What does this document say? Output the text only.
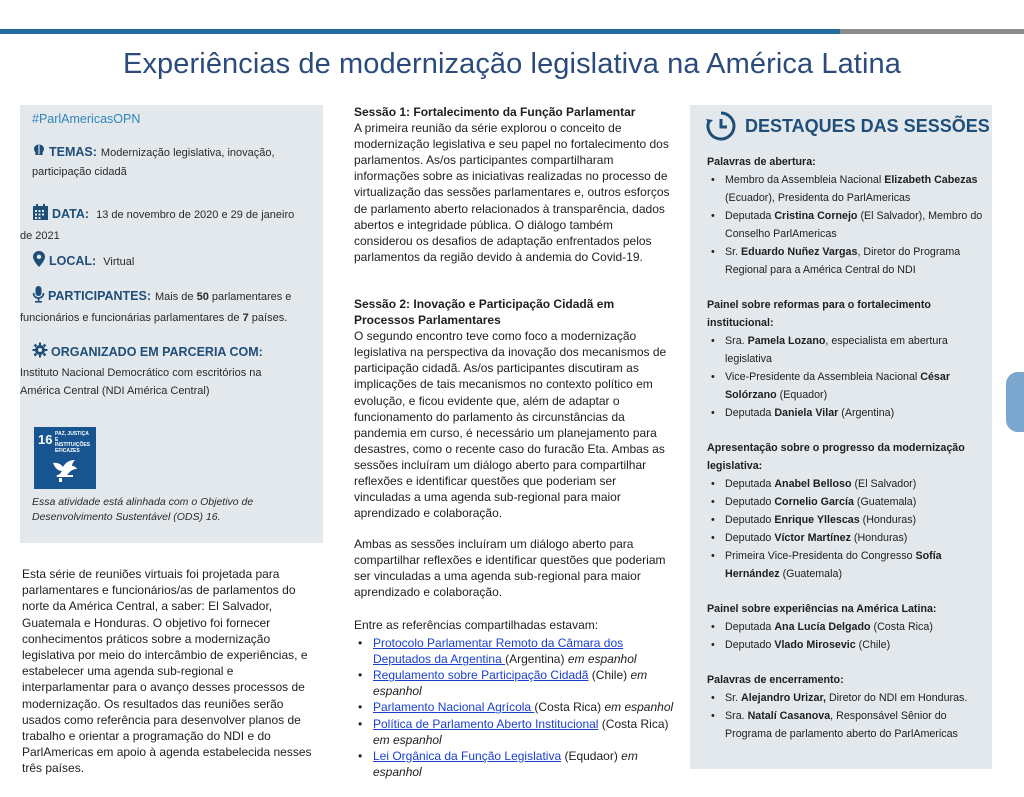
Experiências de modernização legislativa na América Latina
#ParlAmericasOPN
TEMAS: Modernização legislativa, inovação,
participação cidadã
DATA: 13 de novembro de 2020 e 29 de janeiro
de 2021
LOCAL: Virtual
PARTICIPANTES: Mais de 50 parlamentares e
funcionários e funcionárias parlamentares de 7 países.
ORGANIZADO EM PARCERIA COM:
Instituto Nacional Democrático com escritórios na
América Central (NDI América Central)
16 PAZ, JUSTIÇA E INSTITUIÇÕES EFICAZES
Essa atividade está alinhada com o Objetivo de Desenvolvimento Sustentável (ODS) 16.
Esta série de reuniões virtuais foi projetada para parlamentares e funcionários/as de parlamentos do norte da América Central, a saber: El Salvador, Guatemala e Honduras. O objetivo foi fornecer conhecimentos práticos sobre a modernização legislativa por meio do intercâmbio de experiências, e estabelecer uma agenda sub-regional e interparlamentar para o avanço desses processos de modernização. Os resultados das reuniões serão usados como referência para desenvolver planos de trabalho e orientar a programação do NDI e do ParlAmericas em apoio à agenda estabelecida nesses três países.
Sessão 1: Fortalecimento da Função Parlamentar

A primeira reunião da série explorou o conceito de modernização legislativa e seu papel no fortalecimento dos parlamentos. As/os participantes compartilharam informações sobre as iniciativas realizadas no processo de virtualização das sessões parlamentares e, outros esforços de parlamento aberto relacionados à transparência, dados abertos e integridade pública. O diálogo também considerou os desafios de adaptação enfrentados pelos parlamentos da região devido à andemia do Covid-19.

Sessão 2: Inovação e Participação Cidadã em Processos Parlamentares

O segundo encontro teve como foco a modernização legislativa na perspectiva da inovação dos mecanismos de participação cidadã. As/os participantes discutiram as implicações de tais mecanismos no contexto político em evolução, e ficou evidente que, além de adaptar o funcionamento do parlamento às circunstâncias da pandemia em curso, é necessário um planejamento para desastres, como o recente caso do furacão Eta. Ambas as sessões incluíram um diálogo aberto para compartilhar reflexões e identificar questões que poderiam ser vinculadas a uma agenda sub-regional para maior aprendizado e colaboração.

Ambas as sessões incluíram um diálogo aberto para compartilhar reflexões e identificar questões que poderiam ser vinculadas a uma agenda sub-regional para maior aprendizado e colaboração.

Entre as referências compartilhadas estavam:

• Protocolo Parlamentar Remoto da Câmara dos Deputados da Argentina (Argentina) em espanhol
• Regulamento sobre Participação Cidadã (Chile) em espanhol
• Parlamento Nacional Agrícola (Costa Rica) em espanhol
• Política de Parlamento Aberto Institucional (Costa Rica) em espanhol
• Lei Orgânica da Função Legislativa (Equdaor) em espanhol
DESTAQUES DAS SESSÕES
Palavras de abertura:
• Membro da Assembleia Nacional Elizabeth Cabezas (Ecuador), Presidenta do ParlAmericas
• Deputada Cristina Cornejo (El Salvador), Membro do Conselho ParlAmericas
• Sr. Eduardo Nuñez Vargas, Diretor do Programa Regional para a América Central do NDI
Painel sobre reformas para o fortalecimento institucional:
• Sra. Pamela Lozano, especialista em abertura legislativa
• Vice-Presidente da Assembleia Nacional César Solórzano (Equador)
• Deputada Daniela Vilar (Argentina)
Apresentação sobre o progresso da modernização legislativa:
• Deputada Anabel Belloso (El Salvador)
• Deputado Cornelio García (Guatemala)
• Deputado Enrique Yllescas (Honduras)
• Deputado Víctor Martínez (Honduras)
• Primeira Vice-Presidenta do Congresso Sofía Hernández (Guatemala)
Painel sobre experiências na América Latina:
• Deputada Ana Lucía Delgado (Costa Rica)
• Deputado Vlado Mirosevic (Chile)
Palavras de encerramento:
• Sr. Alejandro Urizar, Diretor do NDI em Honduras.
• Sra. Natalí Casanova, Responsável Sênior do Programa de parlamento aberto do ParlAmericas
